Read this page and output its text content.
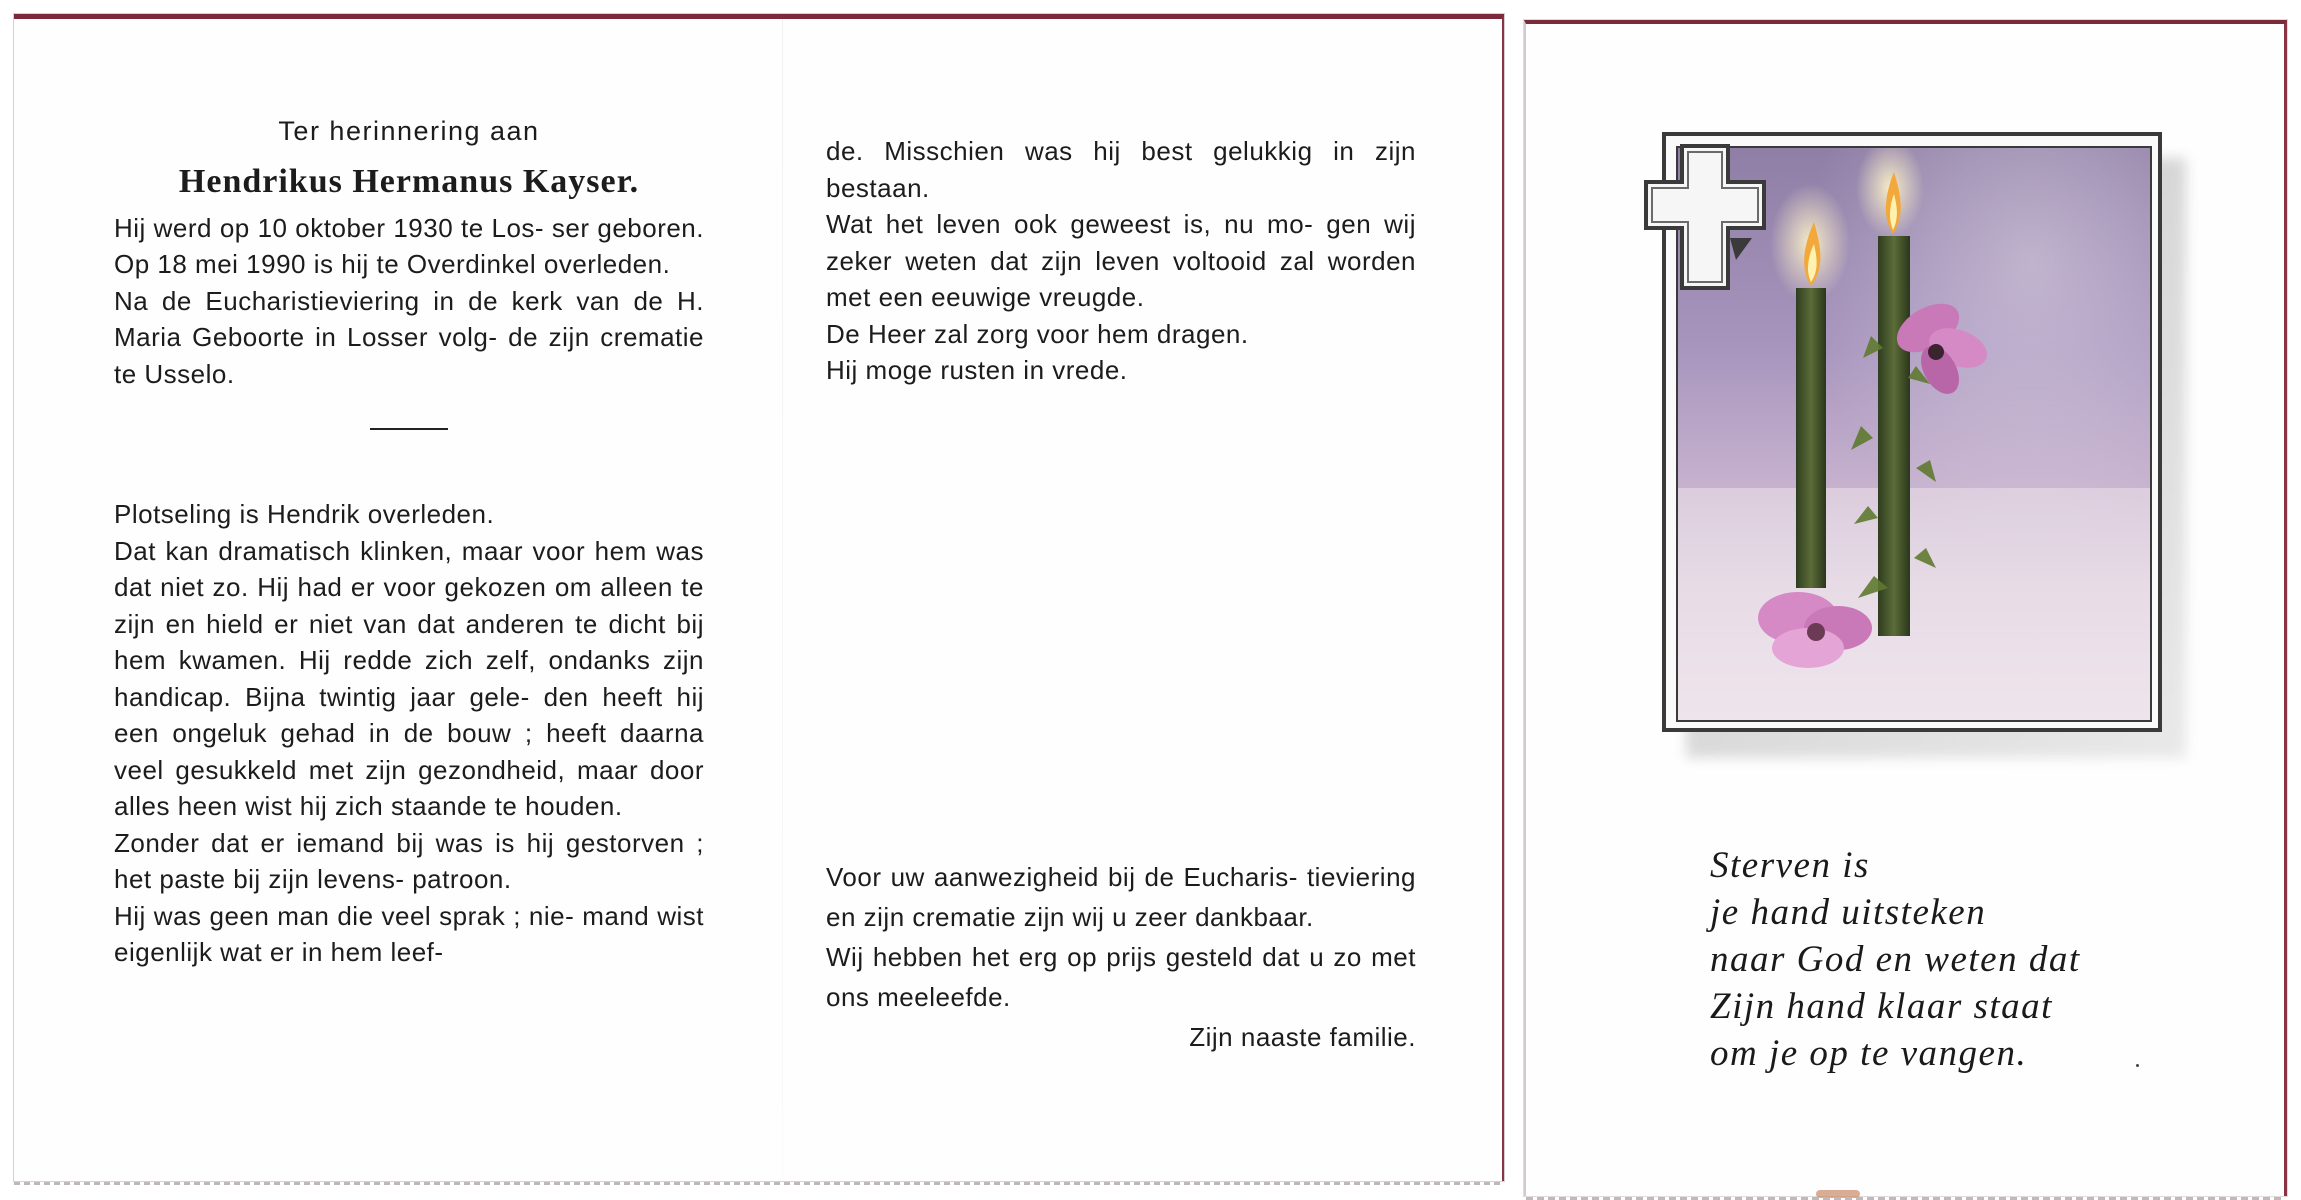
Ter herinnering aan

Hendrikus Hermanus Kayser.

Hij werd op 10 oktober 1930 te Los- ser geboren. Op 18 mei 1990 is hij te Overdinkel overleden.

Na de Eucharistieviering in de kerk van de H. Maria Geboorte in Losser volg- de zijn crematie te Usselo.

Plotseling is Hendrik overleden.

Dat kan dramatisch klinken, maar voor hem was dat niet zo. Hij had er voor gekozen om alleen te zijn en hield er niet van dat anderen te dicht bij hem kwamen. Hij redde zich zelf, ondanks zijn handicap. Bijna twintig jaar gele- den heeft hij een ongeluk gehad in de bouw ; heeft daarna veel gesukkeld met zijn gezondheid, maar door alles heen wist hij zich staande te houden.

Zonder dat er iemand bij was is hij gestorven ; het paste bij zijn levens- patroon.

Hij was geen man die veel sprak ; nie- mand wist eigenlijk wat er in hem leef-

de. Misschien was hij best gelukkig in zijn bestaan.

Wat het leven ook geweest is, nu mo- gen wij zeker weten dat zijn leven voltooid zal worden met een eeuwige vreugde.

De Heer zal zorg voor hem dragen.

Hij moge rusten in vrede.

Voor uw aanwezigheid bij de Eucharis- tieviering en zijn crematie zijn wij u zeer dankbaar.

Wij hebben het erg op prijs gesteld dat u zo met ons meeleefde.

Zijn naaste familie.

Sterven is

je hand uitsteken

naar God en weten dat

Zijn hand klaar staat

om je op te vangen.
